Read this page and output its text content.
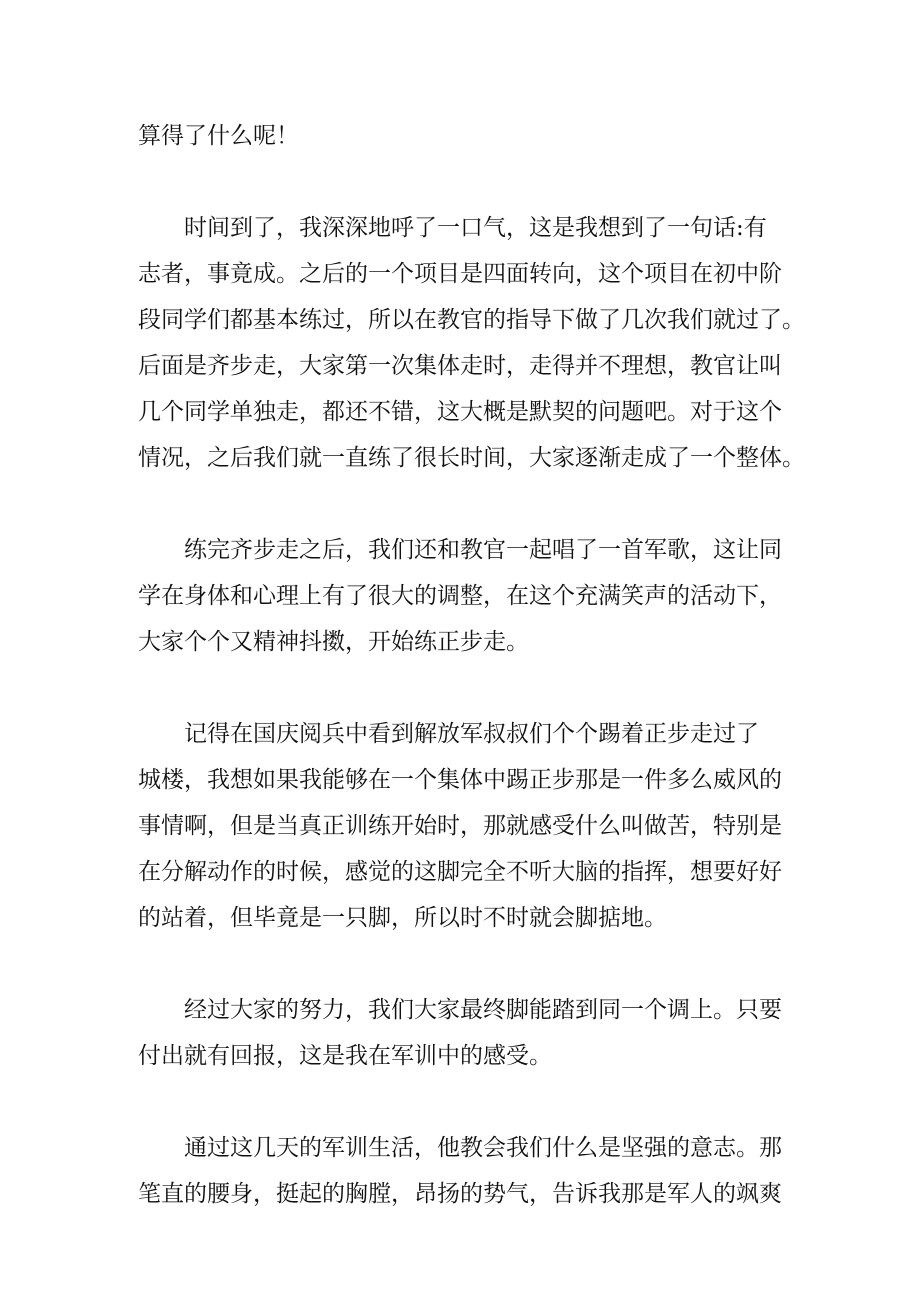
算得了什么呢！
时间到了，我深深地呼了一口气，这是我想到了一句话:有
志者，事竟成。之后的一个项目是四面转向，这个项目在初中阶
段同学们都基本练过，所以在教官的指导下做了几次我们就过了。
后面是齐步走，大家第一次集体走时，走得并不理想，教官让叫
几个同学单独走，都还不错，这大概是默契的问题吧。对于这个
情况，之后我们就一直练了很长时间，大家逐渐走成了一个整体。
练完齐步走之后，我们还和教官一起唱了一首军歌，这让同
学在身体和心理上有了很大的调整，在这个充满笑声的活动下，
大家个个又精神抖擞，开始练正步走。
记得在国庆阅兵中看到解放军叔叔们个个踢着正步走过了
城楼，我想如果我能够在一个集体中踢正步那是一件多么威风的
事情啊，但是当真正训练开始时，那就感受什么叫做苦，特别是
在分解动作的时候，感觉的这脚完全不听大脑的指挥，想要好好
的站着，但毕竟是一只脚，所以时不时就会脚掂地。
经过大家的努力，我们大家最终脚能踏到同一个调上。只要
付出就有回报，这是我在军训中的感受。
通过这几天的军训生活，他教会我们什么是坚强的意志。那
笔直的腰身，挺起的胸膛，昂扬的势气，告诉我那是军人的飒爽
